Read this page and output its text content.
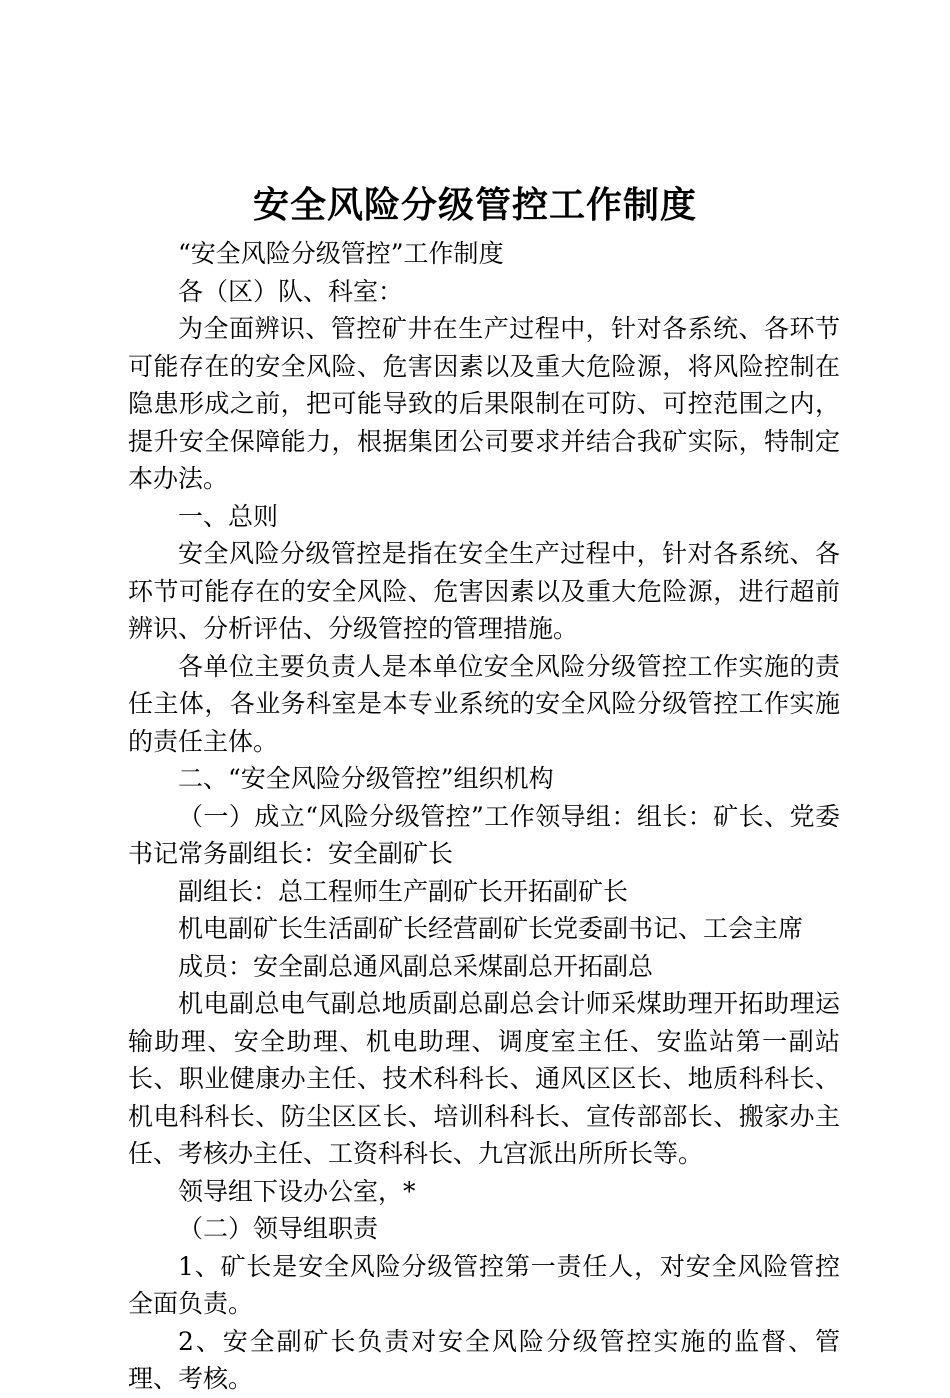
安全风险分级管控工作制度

“安全风险分级管控”工作制度

各（区）队、科室：

为全面辨识、管控矿井在生产过程中，针对各系统、各环节可能存在的安全风险、危害因素以及重大危险源，将风险控制在隐患形成之前，把可能导致的后果限制在可防、可控范围之内，提升安全保障能力，根据集团公司要求并结合我矿实际，特制定本办法。

一、总则

安全风险分级管控是指在安全生产过程中，针对各系统、各环节可能存在的安全风险、危害因素以及重大危险源，进行超前辨识、分析评估、分级管控的管理措施。

各单位主要负责人是本单位安全风险分级管控工作实施的责任主体，各业务科室是本专业系统的安全风险分级管控工作实施的责任主体。

二、“安全风险分级管控”组织机构

（一）成立“风险分级管控”工作领导组：组长：矿长、党委书记常务副组长：安全副矿长

副组长：总工程师生产副矿长开拓副矿长

机电副矿长生活副矿长经营副矿长党委副书记、工会主席

成员：安全副总通风副总采煤副总开拓副总

机电副总电气副总地质副总副总会计师采煤助理开拓助理运输助理、安全助理、机电助理、调度室主任、安监站第一副站长、职业健康办主任、技术科科长、通风区区长、地质科科长、机电科科长、防尘区区长、培训科科长、宣传部部长、搬家办主任、考核办主任、工资科科长、九宫派出所所长等。

领导组下设办公室，*

（二）领导组职责

1、矿长是安全风险分级管控第一责任人，对安全风险管控全面负责。

2、安全副矿长负责对安全风险分级管控实施的监督、管理、考核。
